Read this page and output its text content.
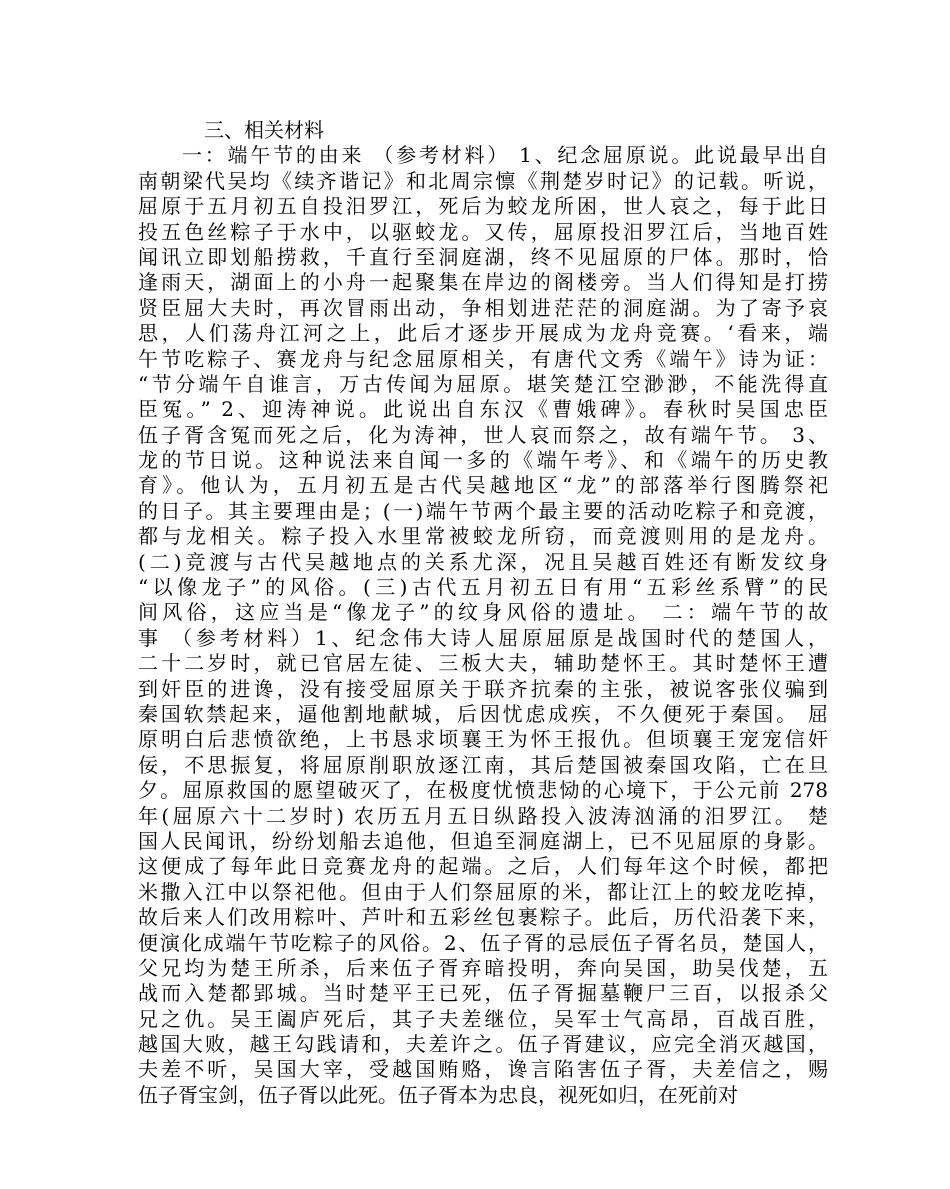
三、相关材料
一：端午节的由来 （参考材料） 1、纪念屈原说。此说最早出自
南朝梁代吴均《续齐谐记》和北周宗懔《荆楚岁时记》的记载。听说，
屈原于五月初五自投汨罗江，死后为蛟龙所困，世人哀之，每于此日
投五色丝粽子于水中，以驱蛟龙。又传，屈原投汨罗江后，当地百姓
闻讯立即划船捞救，千直行至洞庭湖，终不见屈原的尸体。那时，恰
逢雨天，湖面上的小舟一起聚集在岸边的阁楼旁。当人们得知是打捞
贤臣屈大夫时，再次冒雨出动，争相划进茫茫的洞庭湖。为了寄予哀
思，人们荡舟江河之上，此后才逐步开展成为龙舟竞赛。‘看来，端
午节吃粽子、赛龙舟与纪念屈原相关，有唐代文秀《端午》诗为证：
“节分端午自谁言，万古传闻为屈原。堪笑楚江空渺渺，不能洗得直
臣冤。” 2、迎涛神说。此说出自东汉《曹娥碑》。春秋时吴国忠臣
伍子胥含冤而死之后，化为涛神，世人哀而祭之，故有端午节。 3、
龙的节日说。这种说法来自闻一多的《端午考》、和《端午的历史教
育》。他认为，五月初五是古代吴越地区“龙”的部落举行图腾祭祀
的日子。其主要理由是；(一)端午节两个最主要的活动吃粽子和竞渡，
都与龙相关。粽子投入水里常被蛟龙所窃，而竞渡则用的是龙舟。
(二)竞渡与古代吴越地点的关系尤深，况且吴越百姓还有断发纹身
“以像龙子”的风俗。(三)古代五月初五日有用“五彩丝系臂”的民
间风俗，这应当是“像龙子”的纹身风俗的遗址。 二：端午节的故
事 （参考材料）1、纪念伟大诗人屈原屈原是战国时代的楚国人，
二十二岁时，就已官居左徒、三板大夫，辅助楚怀王。其时楚怀王遭
到奸臣的进谗，没有接受屈原关于联齐抗秦的主张，被说客张仪骗到
秦国软禁起来，逼他割地献城，后因忧虑成疾，不久便死于秦国。 屈
原明白后悲愤欲绝，上书恳求顷襄王为怀王报仇。但顷襄王宠宠信奸
佞，不思振复，将屈原削职放逐江南，其后楚国被秦国攻陷，亡在旦
夕。屈原救国的愿望破灭了，在极度忧愤悲恸的心境下，于公元前 278
年(屈原六十二岁时) 农历五月五日纵路投入波涛汹涌的汨罗江。 楚
国人民闻讯，纷纷划船去追他，但追至洞庭湖上，已不见屈原的身影。
这便成了每年此日竞赛龙舟的起端。之后，人们每年这个时候，都把
米撒入江中以祭祀他。但由于人们祭屈原的米，都让江上的蛟龙吃掉，
故后来人们改用粽叶、芦叶和五彩丝包裹粽子。此后，历代沿袭下来，
便演化成端午节吃粽子的风俗。2、伍子胥的忌辰伍子胥名员，楚国人，
父兄均为楚王所杀，后来伍子胥弃暗投明，奔向吴国，助吴伐楚，五
战而入楚都郢城。当时楚平王已死，伍子胥掘墓鞭尸三百，以报杀父
兄之仇。吴王阖庐死后，其子夫差继位，吴军士气高昂，百战百胜，
越国大败，越王勾践请和，夫差许之。伍子胥建议，应完全消灭越国，
夫差不听，吴国大宰，受越国贿赂，谗言陷害伍子胥，夫差信之，赐
伍子胥宝剑，伍子胥以此死。伍子胥本为忠良，视死如归，在死前对
